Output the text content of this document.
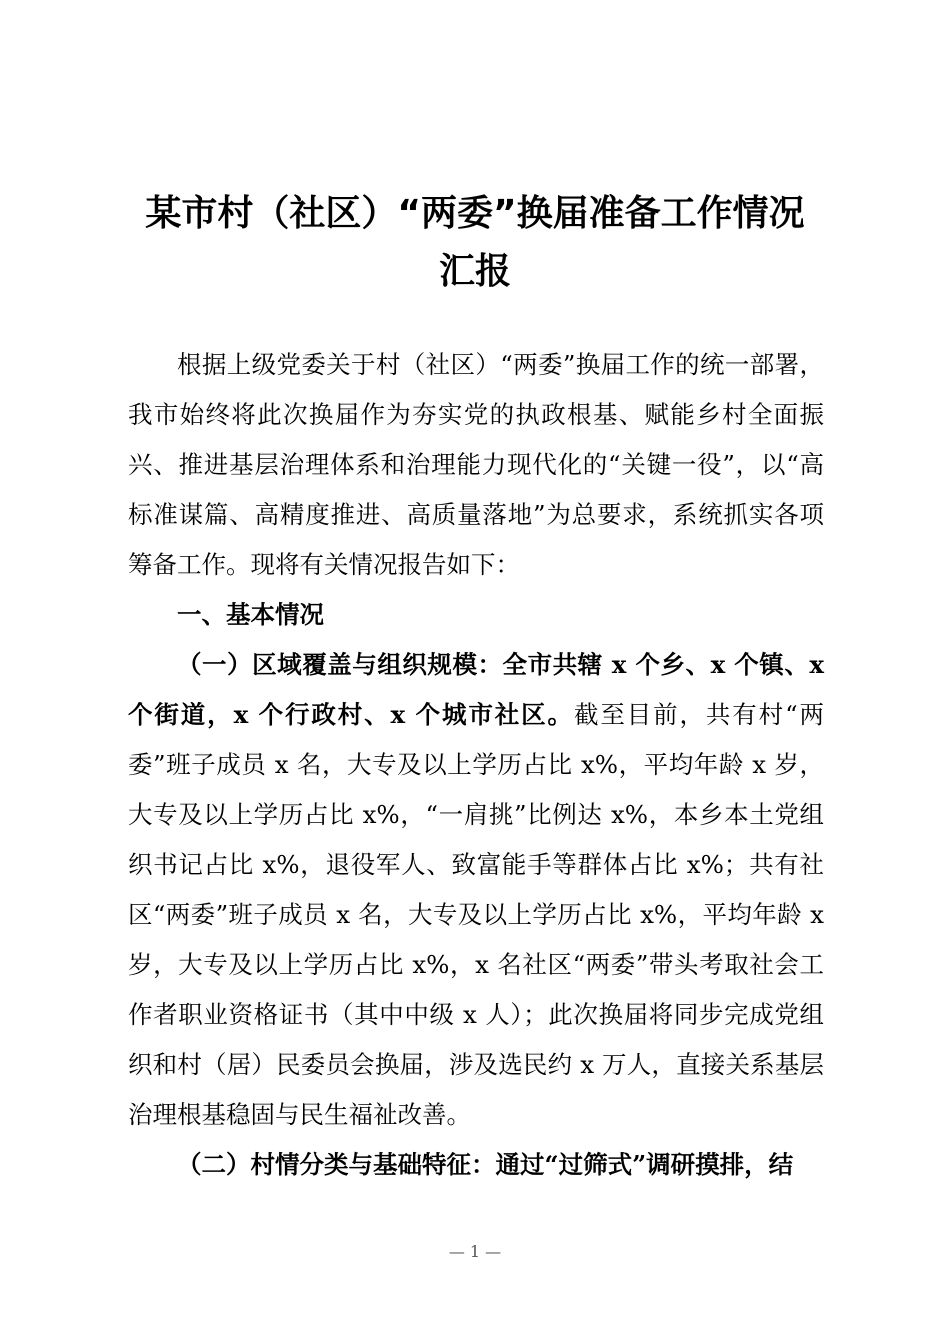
某市村（社区）“两委”换届准备工作情况
汇报

根据上级党委关于村（社区）“两委”换届工作的统一部署，我市始终将此次换届作为夯实党的执政根基、赋能乡村全面振兴、推进基层治理体系和治理能力现代化的“关键一役”，以“高标准谋篇、高精度推进、高质量落地”为总要求，系统抓实各项筹备工作。现将有关情况报告如下：

一、基本情况

（一）区域覆盖与组织规模：全市共辖 x 个乡、x 个镇、x 个街道，x 个行政村、x 个城市社区。截至目前，共有村“两委”班子成员 x 名，大专及以上学历占比 x%，平均年龄 x 岁，大专及以上学历占比 x%，“一肩挑”比例达 x%，本乡本土党组织书记占比 x%，退役军人、致富能手等群体占比 x%；共有社区“两委”班子成员 x 名，大专及以上学历占比 x%，平均年龄 x 岁，大专及以上学历占比 x%，x 名社区“两委”带头考取社会工作者职业资格证书（其中中级 x 人）；此次换届将同步完成党组织和村（居）民委员会换届，涉及选民约 x 万人，直接关系基层治理根基稳固与民生福祉改善。

（二）村情分类与基础特征：通过“过筛式”调研摸排，结

— 1 —
